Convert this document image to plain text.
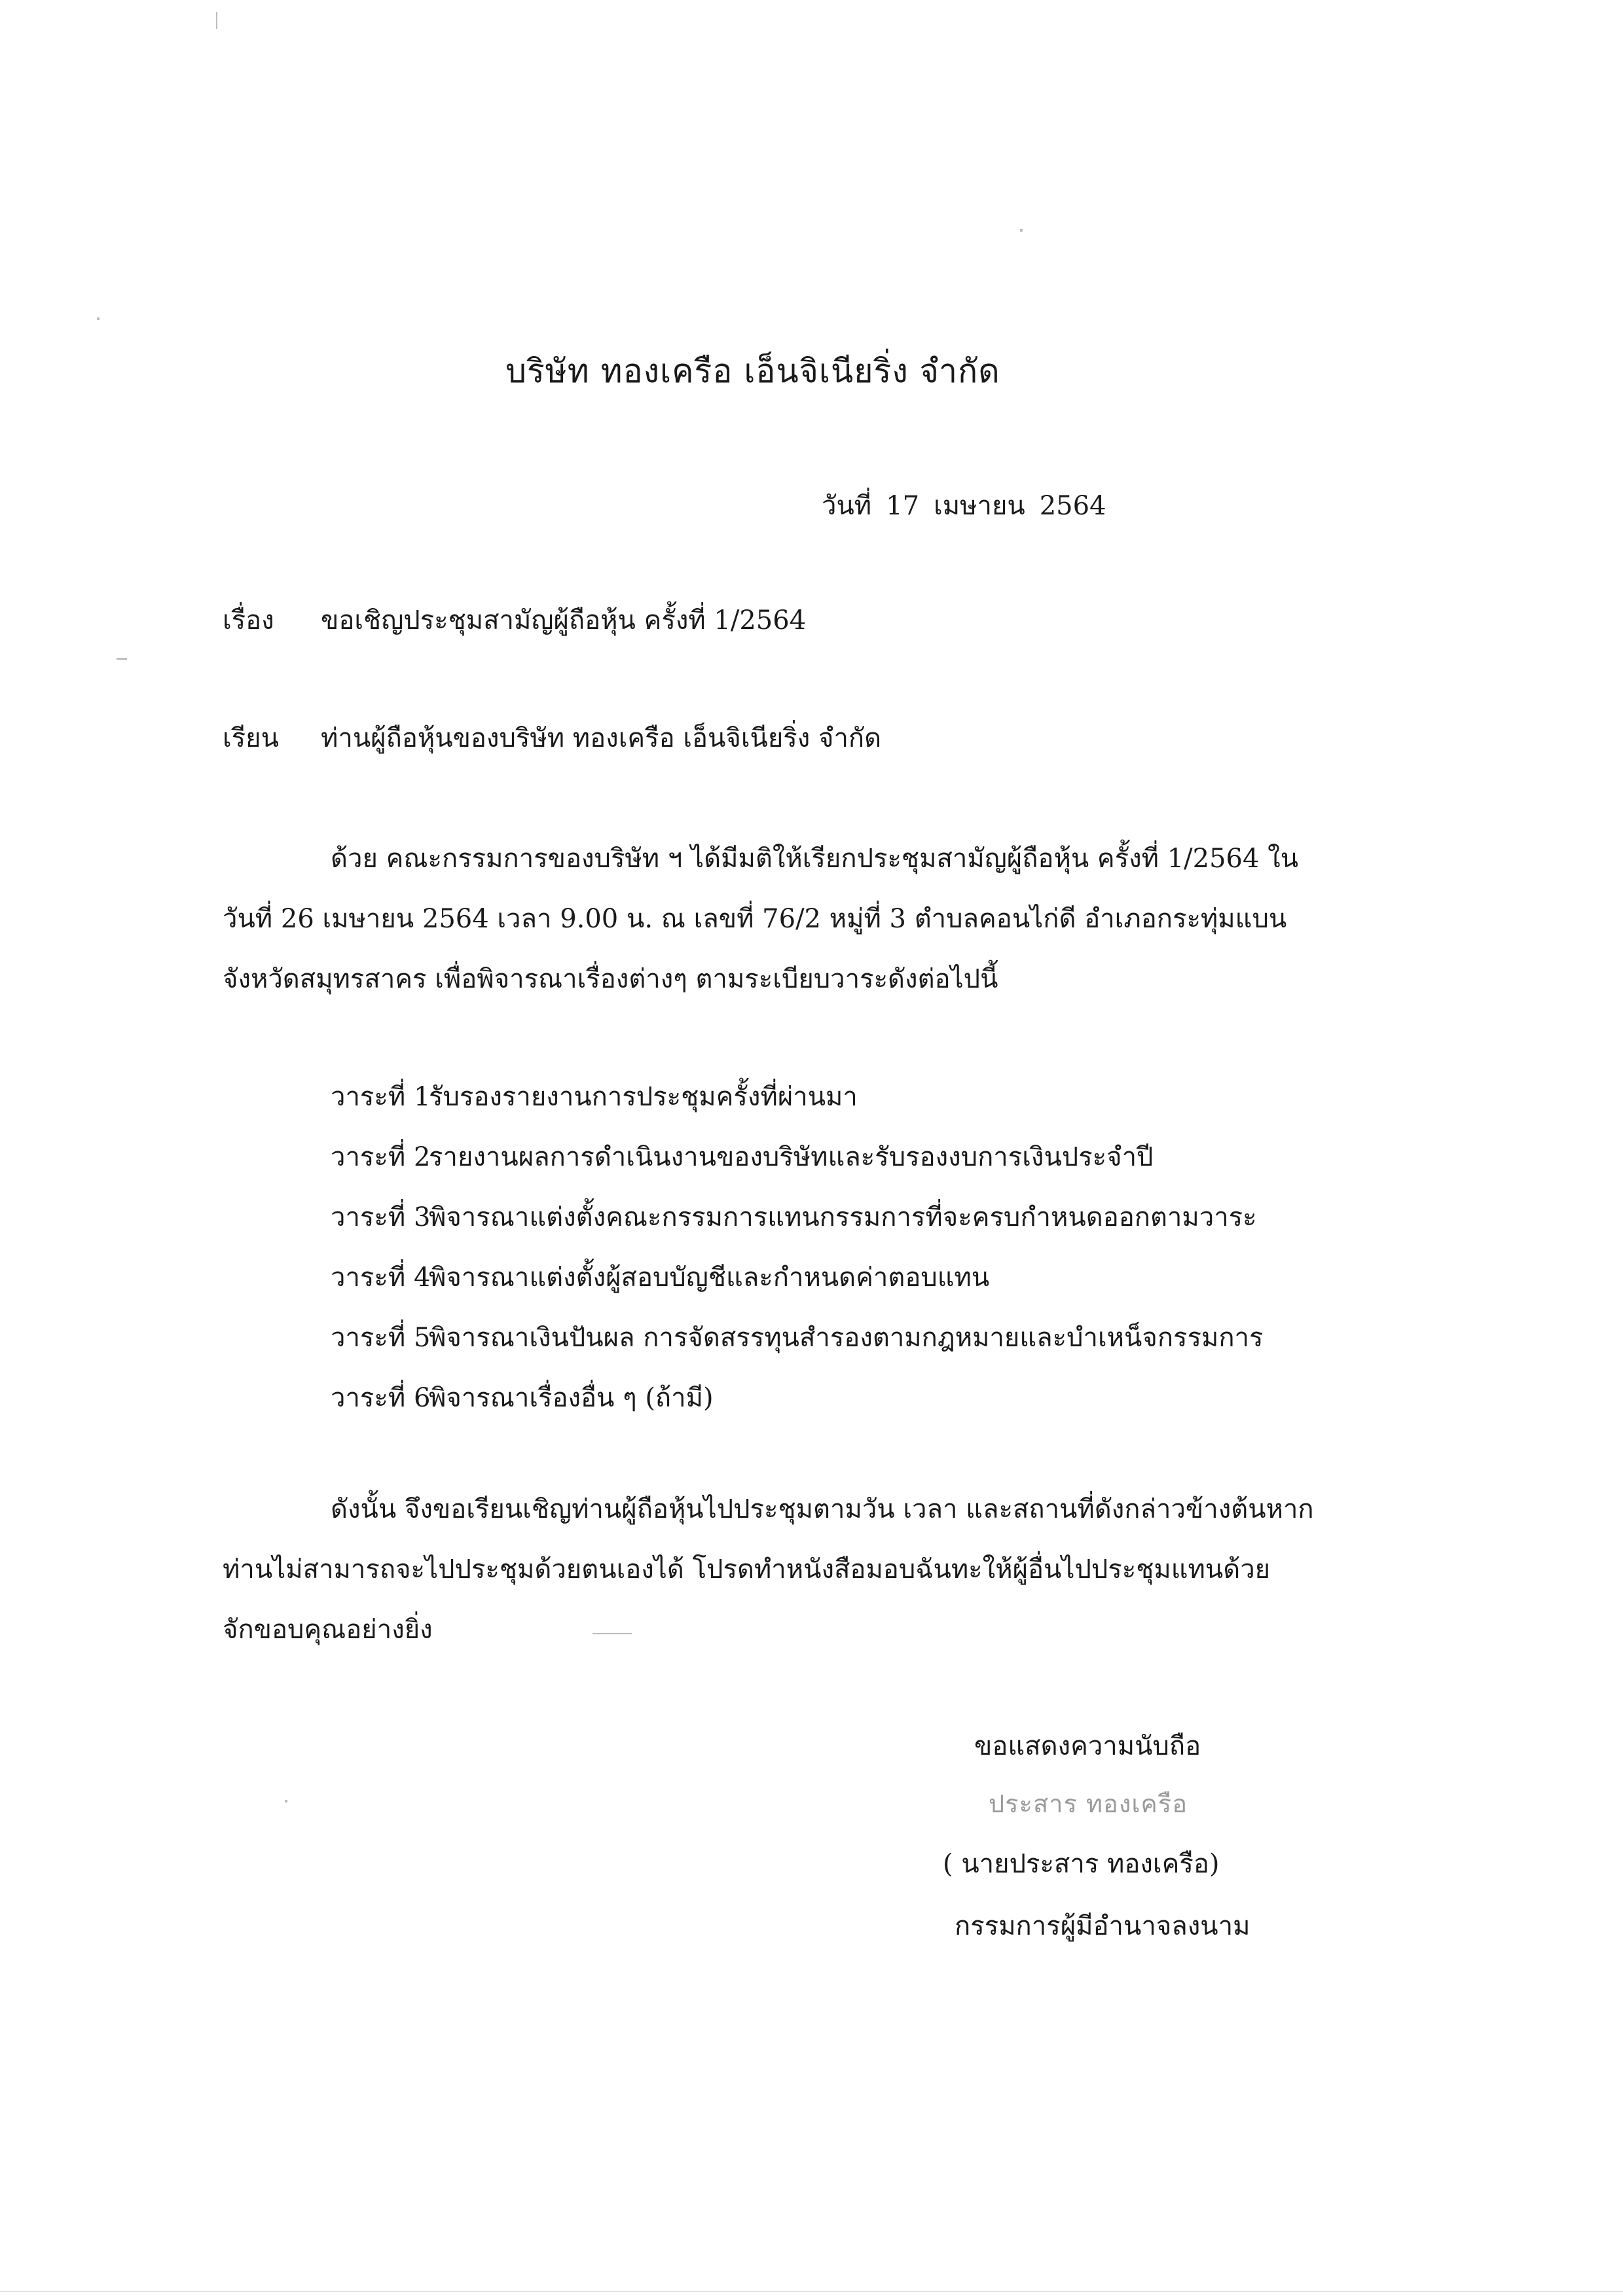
บริษัท ทองเครือ เอ็นจิเนียริ่ง จำกัด
วันที่ 17 เมษายน 2564
เรื่อง ขอเชิญประชุมสามัญผู้ถือหุ้น ครั้งที่ 1/2564
เรียน ท่านผู้ถือหุ้นของบริษัท ทองเครือ เอ็นจิเนียริ่ง จำกัด
ด้วย คณะกรรมการของบริษัท ฯ ได้มีมติให้เรียกประชุมสามัญผู้ถือหุ้น ครั้งที่ 1/2564 ใน
วันที่ 26 เมษายน 2564 เวลา 9.00 น. ณ เลขที่ 76/2 หมู่ที่ 3 ตำบลคอนไก่ดี อำเภอกระทุ่มแบน
จังหวัดสมุทรสาคร เพื่อพิจารณาเรื่องต่างๆ ตามระเบียบวาระดังต่อไปนี้
วาระที่ 1รับรองรายงานการประชุมครั้งที่ผ่านมา
วาระที่ 2รายงานผลการดำเนินงานของบริษัทและรับรองงบการเงินประจำปี
วาระที่ 3พิจารณาแต่งตั้งคณะกรรมการแทนกรรมการที่จะครบกำหนดออกตามวาระ
วาระที่ 4พิจารณาแต่งตั้งผู้สอบบัญชีและกำหนดค่าตอบแทน
วาระที่ 5พิจารณาเงินปันผล การจัดสรรทุนสำรองตามกฎหมายและบำเหน็จกรรมการ
วาระที่ 6พิจารณาเรื่องอื่น ๆ (ถ้ามี)
ดังนั้น จึงขอเรียนเชิญท่านผู้ถือหุ้นไปประชุมตามวัน เวลา และสถานที่ดังกล่าวข้างต้นหาก
ท่านไม่สามารถจะไปประชุมด้วยตนเองได้ โปรดทำหนังสือมอบฉันทะให้ผู้อื่นไปประชุมแทนด้วย
จักขอบคุณอย่างยิ่ง
ขอแสดงความนับถือ
ประสาร ทองเครือ
( นายประสาร ทองเครือ)
กรรมการผู้มีอำนาจลงนาม
